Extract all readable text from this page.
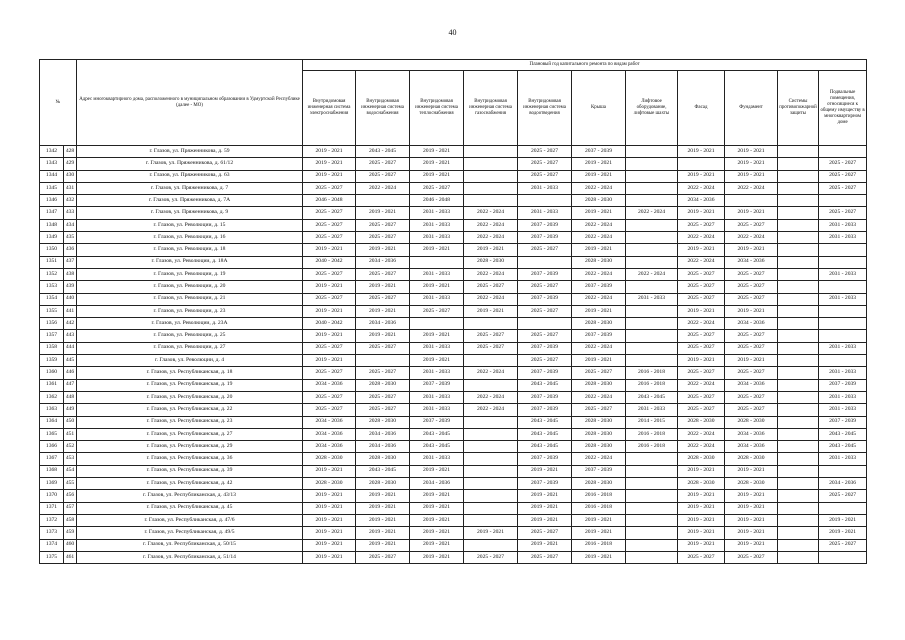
40
№		Адрес многоквартирного дома, расположенного в муниципальном образовании в Удмуртской Республике (далее - МО)	Плановый год капитального ремонта по видам работ										
			Внутридомовая инженерная система электроснабжения	Внутридомовая инженерная система водоснабжения	Внутридомовая инженерная система теплоснабжения	Внутридомовая инженерная система газоснабжения	Внутридомовая инженерная система водоотведения	Крыша	Лифтовое оборудование, лифтовые шахты	Фасад	Фундамент	Системы противопожарной защиты	Подвальные помещения, относящиеся к общему имуществу в многоквартирном доме
1342	428	г. Глазов, ул. Пряженникова, д. 59	2019 - 2021	2043 - 2045	2019 - 2021		2025 - 2027	2037 - 2039		2019 - 2021	2019 - 2021		
1343	429	г. Глазов, ул. Пряженникова, д. 61/12	2019 - 2021	2025 - 2027	2019 - 2021		2025 - 2027	2019 - 2021			2019 - 2021		2025 - 2027
1344	430	г. Глазов, ул. Пряженникова, д. 63	2019 - 2021	2025 - 2027	2019 - 2021		2025 - 2027	2019 - 2021		2019 - 2021	2019 - 2021		2025 - 2027
1345	431	г. Глазов, ул. Пряженникова, д. 7	2025 - 2027	2022 - 2024	2025 - 2027		2031 - 2033	2022 - 2024		2022 - 2024	2022 - 2024		2025 - 2027
1346	432	г. Глазов, ул. Пряженникова, д. 7А	2046 - 2048		2046 - 2048			2028 - 2030		2034 - 2036			
1347	433	г. Глазов, ул. Пряженникова, д. 9	2025 - 2027	2019 - 2021	2031 - 2033	2022 - 2024	2031 - 2033	2019 - 2021	2022 - 2024	2019 - 2021	2019 - 2021		2025 - 2027
1348	434	г. Глазов, ул. Революции, д. 15	2025 - 2027	2025 - 2027	2031 - 2033	2022 - 2024	2037 - 2039	2022 - 2024		2025 - 2027	2025 - 2027		2031 - 2033
1349	435	г. Глазов, ул. Революции, д. 16	2025 - 2027	2025 - 2027	2031 - 2033	2022 - 2024	2037 - 2039	2022 - 2024		2022 - 2024	2022 - 2024		2031 - 2033
1350	436	г. Глазов, ул. Революции, д. 18	2019 - 2021	2019 - 2021	2019 - 2021	2019 - 2021	2025 - 2027	2019 - 2021		2019 - 2021	2019 - 2021		
1351	437	г. Глазов, ул. Революции, д. 18А	2040 - 2042	2034 - 2036		2028 - 2030		2028 - 2030		2022 - 2024	2034 - 2036		
1352	438	г. Глазов, ул. Революции, д. 19	2025 - 2027	2025 - 2027	2031 - 2033	2022 - 2024	2037 - 2039	2022 - 2024	2022 - 2024	2025 - 2027	2025 - 2027		2031 - 2033
1353	439	г. Глазов, ул. Революции, д. 20	2019 - 2021	2019 - 2021	2019 - 2021	2025 - 2027	2025 - 2027	2037 - 2039		2025 - 2027	2025 - 2027		
1354	440	г. Глазов, ул. Революции, д. 21	2025 - 2027	2025 - 2027	2031 - 2033	2022 - 2024	2037 - 2039	2022 - 2024	2031 - 2033	2025 - 2027	2025 - 2027		2031 - 2033
1355	441	г. Глазов, ул. Революции, д. 23	2019 - 2021	2019 - 2021	2025 - 2027	2019 - 2021	2025 - 2027	2019 - 2021		2019 - 2021	2019 - 2021		
1356	442	г. Глазов, ул. Революции, д. 23А	2040 - 2042	2034 - 2036				2028 - 2030		2022 - 2024	2034 - 2036		
1357	443	г. Глазов, ул. Революции, д. 25	2019 - 2021	2019 - 2021	2019 - 2021	2025 - 2027	2025 - 2027	2037 - 2039		2025 - 2027	2025 - 2027		
1358	444	г. Глазов, ул. Революции, д. 27	2025 - 2027	2025 - 2027	2031 - 2033	2025 - 2027	2037 - 2039	2022 - 2024		2025 - 2027	2025 - 2027		2031 - 2033
1359	445	г. Глазов, ул. Революции, д. 4	2019 - 2021		2019 - 2021		2025 - 2027	2019 - 2021		2019 - 2021	2019 - 2021		
1360	446	г. Глазов, ул. Республиканская, д. 18	2025 - 2027	2025 - 2027	2031 - 2033	2022 - 2024	2037 - 2039	2025 - 2027	2016 - 2018	2025 - 2027	2025 - 2027		2031 - 2033
1361	447	г. Глазов, ул. Республиканская, д. 19	2034 - 2036	2028 - 2030	2037 - 2039		2043 - 2045	2028 - 2030	2016 - 2018	2022 - 2024	2034 - 2036		2037 - 2039
1362	448	г. Глазов, ул. Республиканская, д. 20	2025 - 2027	2025 - 2027	2031 - 2033	2022 - 2024	2037 - 2039	2022 - 2024	2043 - 2045	2025 - 2027	2025 - 2027		2031 - 2033
1363	449	г. Глазов, ул. Республиканская, д. 22	2025 - 2027	2025 - 2027	2031 - 2033	2022 - 2024	2037 - 2039	2025 - 2027	2031 - 2033	2025 - 2027	2025 - 2027		2031 - 2033
1364	450	г. Глазов, ул. Республиканская, д. 23	2034 - 2036	2028 - 2030	2037 - 2039		2043 - 2045	2028 - 2030	2014 - 2015	2028 - 2030	2028 - 2030		2037 - 2039
1365	451	г. Глазов, ул. Республиканская, д. 27	2034 - 2036	2034 - 2036	2043 - 2045		2043 - 2045	2028 - 2030	2016 - 2018	2022 - 2024	2034 - 2036		2043 - 2045
1366	452	г. Глазов, ул. Республиканская, д. 29	2034 - 2036	2034 - 2036	2043 - 2045		2043 - 2045	2028 - 2030	2016 - 2018	2022 - 2024	2034 - 2036		2043 - 2045
1367	453	г. Глазов, ул. Республиканская, д. 36	2028 - 2030	2028 - 2030	2031 - 2033		2037 - 2039	2022 - 2024		2028 - 2030	2028 - 2030		2031 - 2033
1368	454	г. Глазов, ул. Республиканская, д. 39	2019 - 2021	2043 - 2045	2019 - 2021		2019 - 2021	2037 - 2039		2019 - 2021	2019 - 2021		
1369	455	г. Глазов, ул. Республиканская, д. 42	2028 - 2030	2028 - 2030	2034 - 2036		2037 - 2039	2028 - 2030		2028 - 2030	2028 - 2030		2034 - 2036
1370	456	г. Глазов, ул. Республиканская, д. 43/13	2019 - 2021	2019 - 2021	2019 - 2021		2019 - 2021	2016 - 2018		2019 - 2021	2019 - 2021		2025 - 2027
1371	457	г. Глазов, ул. Республиканская, д. 45	2019 - 2021	2019 - 2021	2019 - 2021		2019 - 2021	2016 - 2018		2019 - 2021	2019 - 2021		
1372	458	г. Глазов, ул. Республиканская, д. 47/6	2019 - 2021	2019 - 2021	2019 - 2021		2019 - 2021	2019 - 2021		2019 - 2021	2019 - 2021		2019 - 2021
1373	459	г. Глазов, ул. Республиканская, д. 49/5	2019 - 2021	2019 - 2021	2019 - 2021	2019 - 2021	2025 - 2027	2019 - 2021		2019 - 2021	2019 - 2021		2019 - 2021
1374	460	г. Глазов, ул. Республиканская, д. 50/15	2019 - 2021	2019 - 2021	2019 - 2021		2019 - 2021	2016 - 2018		2019 - 2021	2019 - 2021		2025 - 2027
1375	461	г. Глазов, ул. Республиканская, д. 51/14	2019 - 2021	2025 - 2027	2019 - 2021	2025 - 2027	2025 - 2027	2019 - 2021		2025 - 2027	2025 - 2027		
